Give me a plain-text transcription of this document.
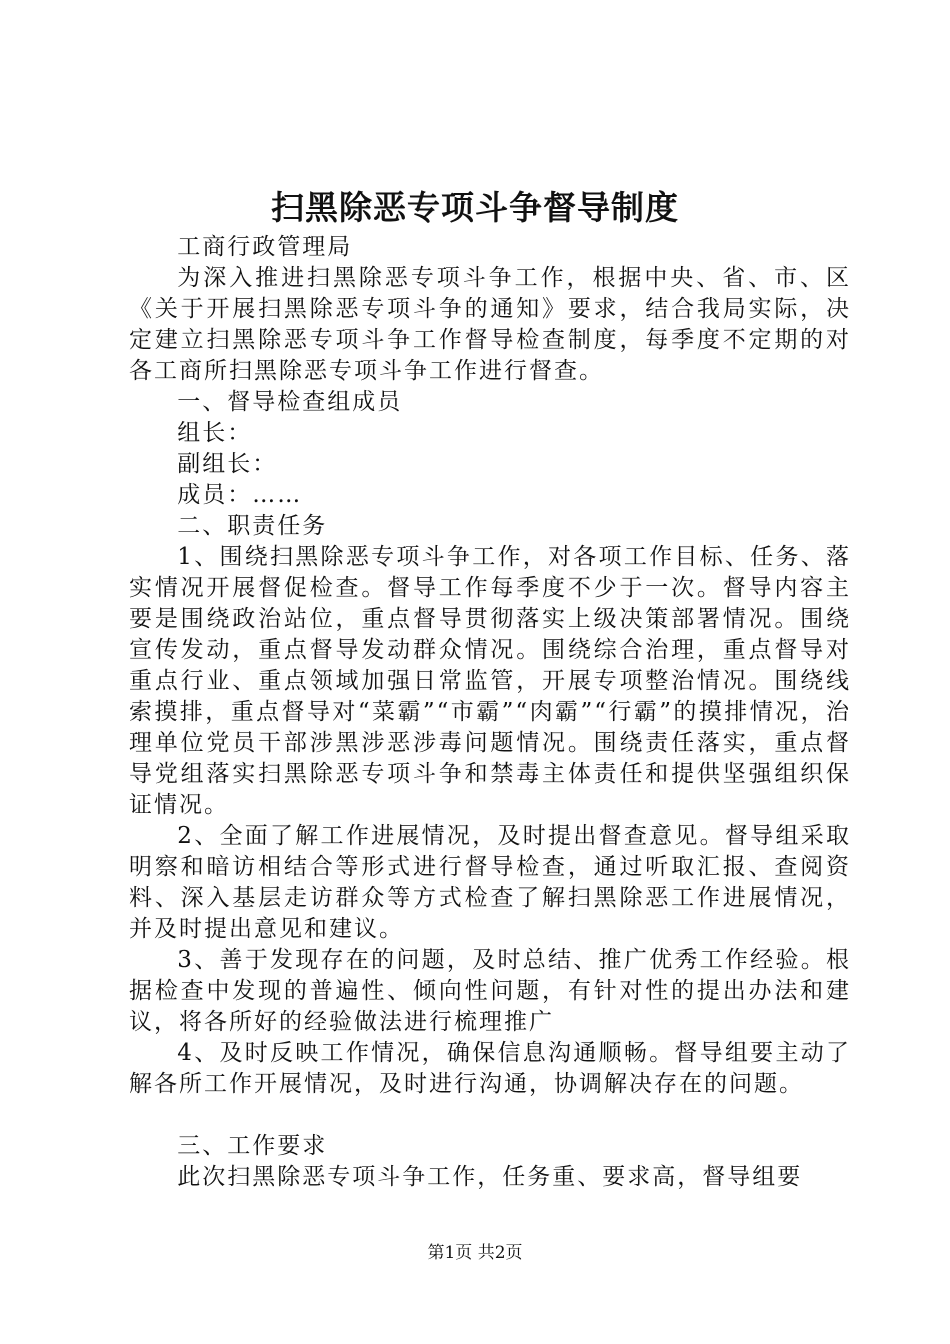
扫黑除恶专项斗争督导制度

工商行政管理局

为深入推进扫黑除恶专项斗争工作，根据中央、省、市、区《关于开展扫黑除恶专项斗争的通知》要求，结合我局实际，决定建立扫黑除恶专项斗争工作督导检查制度，每季度不定期的对各工商所扫黑除恶专项斗争工作进行督查。

一、督导检查组成员

组长：

副组长：

成员：……

二、职责任务

1、围绕扫黑除恶专项斗争工作，对各项工作目标、任务、落实情况开展督促检查。督导工作每季度不少于一次。督导内容主要是围绕政治站位，重点督导贯彻落实上级决策部署情况。围绕宣传发动，重点督导发动群众情况。围绕综合治理，重点督导对重点行业、重点领域加强日常监管，开展专项整治情况。围绕线索摸排，重点督导对“菜霸”“市霸”“肉霸”“行霸”的摸排情况，治理单位党员干部涉黑涉恶涉毒问题情况。围绕责任落实，重点督导党组落实扫黑除恶专项斗争和禁毒主体责任和提供坚强组织保证情况。

2、全面了解工作进展情况，及时提出督查意见。督导组采取明察和暗访相结合等形式进行督导检查，通过听取汇报、查阅资料、深入基层走访群众等方式检查了解扫黑除恶工作进展情况，并及时提出意见和建议。

3、善于发现存在的问题，及时总结、推广优秀工作经验。根据检查中发现的普遍性、倾向性问题，有针对性的提出办法和建议，将各所好的经验做法进行梳理推广

4、及时反映工作情况，确保信息沟通顺畅。督导组要主动了解各所工作开展情况，及时进行沟通，协调解决存在的问题。

三、工作要求

此次扫黑除恶专项斗争工作，任务重、要求高，督导组要

第1页 共2页
